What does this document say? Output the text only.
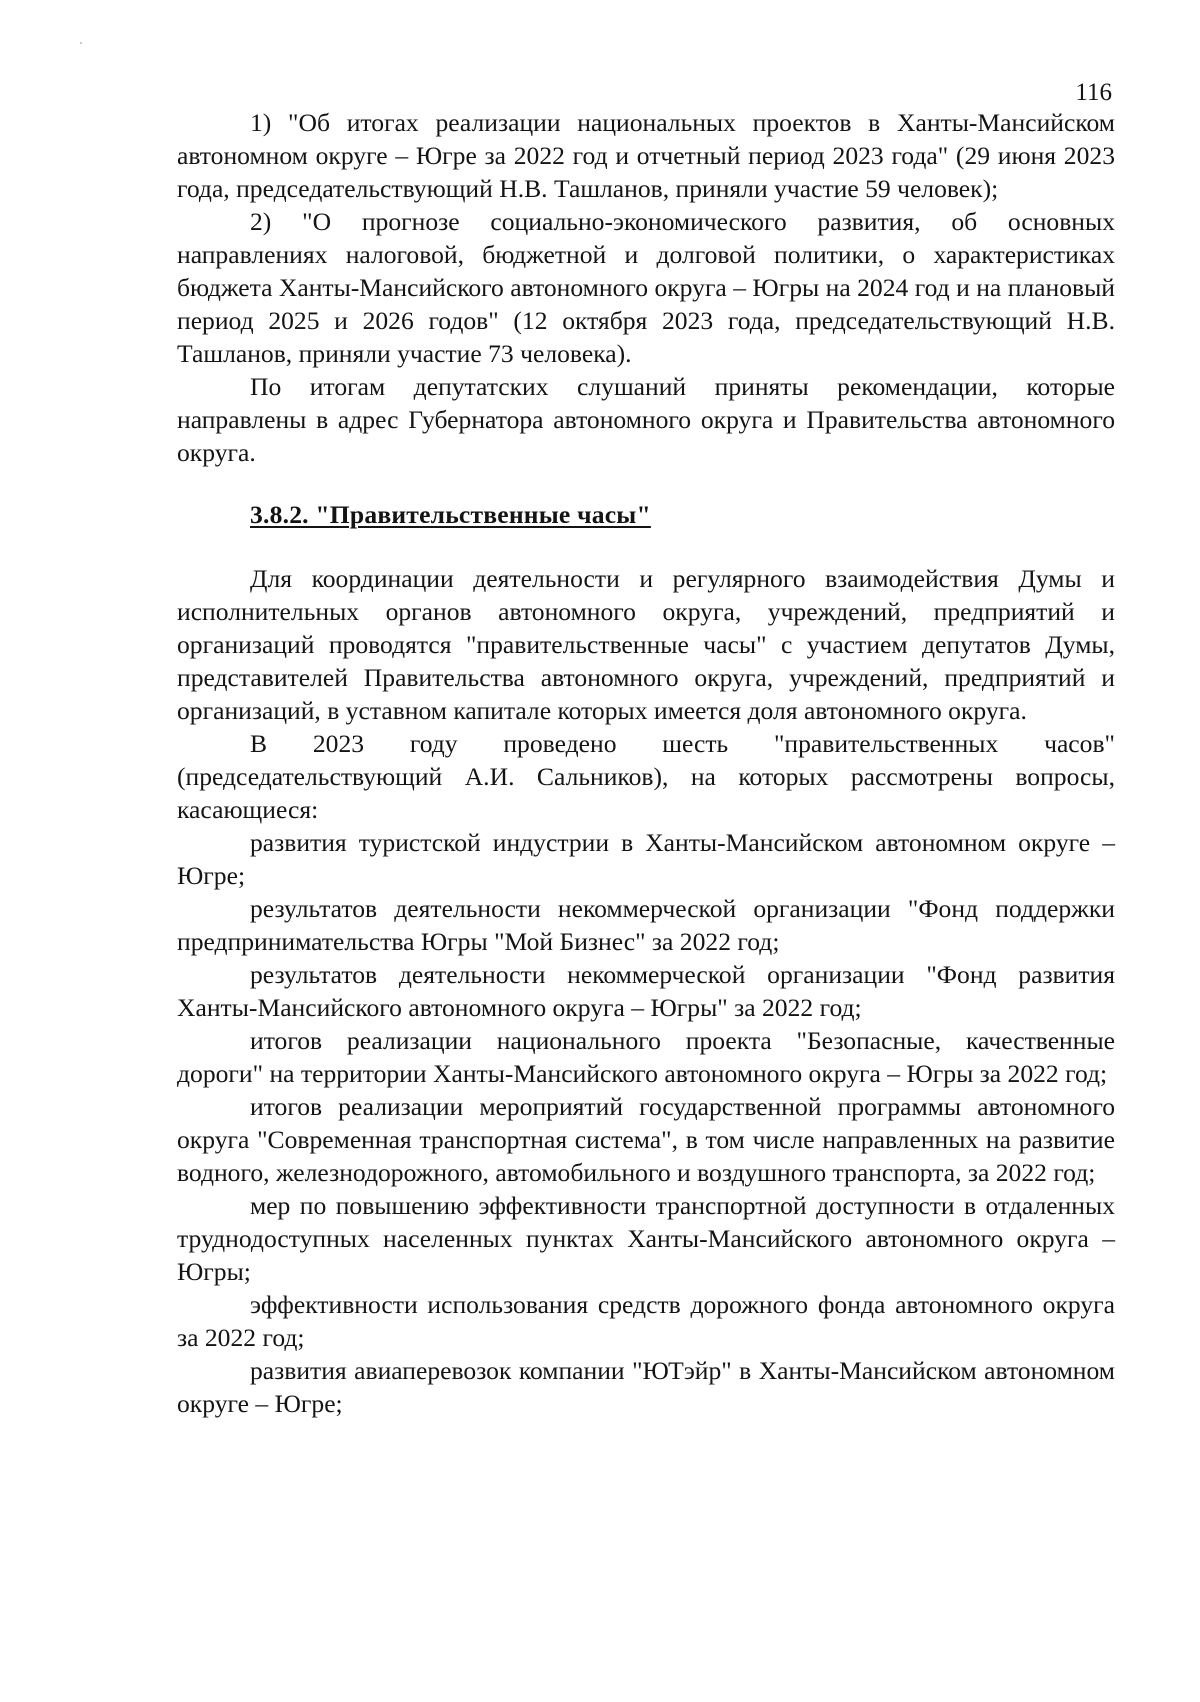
116

1) "Об итогах реализации национальных проектов в Ханты-Мансийском автономном округе – Югре за 2022 год и отчетный период 2023 года" (29 июня 2023 года, председательствующий Н.В. Ташланов, приняли участие 59 человек);

2) "О прогнозе социально-экономического развития, об основных направлениях налоговой, бюджетной и долговой политики, о характеристиках бюджета Ханты-Мансийского автономного округа – Югры на 2024 год и на плановый период 2025 и 2026 годов" (12 октября 2023 года, председательствующий Н.В. Ташланов, приняли участие 73 человека).

По итогам депутатских слушаний приняты рекомендации, которые направлены в адрес Губернатора автономного округа и Правительства автономного округа.

3.8.2. "Правительственные часы"

Для координации деятельности и регулярного взаимодействия Думы и исполнительных органов автономного округа, учреждений, предприятий и организаций проводятся "правительственные часы" с участием депутатов Думы, представителей Правительства автономного округа, учреждений, предприятий и организаций, в уставном капитале которых имеется доля автономного округа.

В 2023 году проведено шесть "правительственных часов" (председательствующий А.И. Сальников), на которых рассмотрены вопросы, касающиеся:

развития туристской индустрии в Ханты-Мансийском автономном округе – Югре;

результатов деятельности некоммерческой организации "Фонд поддержки предпринимательства Югры "Мой Бизнес" за 2022 год;

результатов деятельности некоммерческой организации "Фонд развития Ханты-Мансийского автономного округа – Югры" за 2022 год;

итогов реализации национального проекта "Безопасные, качественные дороги" на территории Ханты-Мансийского автономного округа – Югры за 2022 год;

итогов реализации мероприятий государственной программы автономного округа "Современная транспортная система", в том числе направленных на развитие водного, железнодорожного, автомобильного и воздушного транспорта, за 2022 год;

мер по повышению эффективности транспортной доступности в отдаленных труднодоступных населенных пунктах Ханты-Мансийского автономного округа – Югры;

эффективности использования средств дорожного фонда автономного округа за 2022 год;

развития авиаперевозок компании "ЮТэйр" в Ханты-Мансийском автономном округе – Югре;
